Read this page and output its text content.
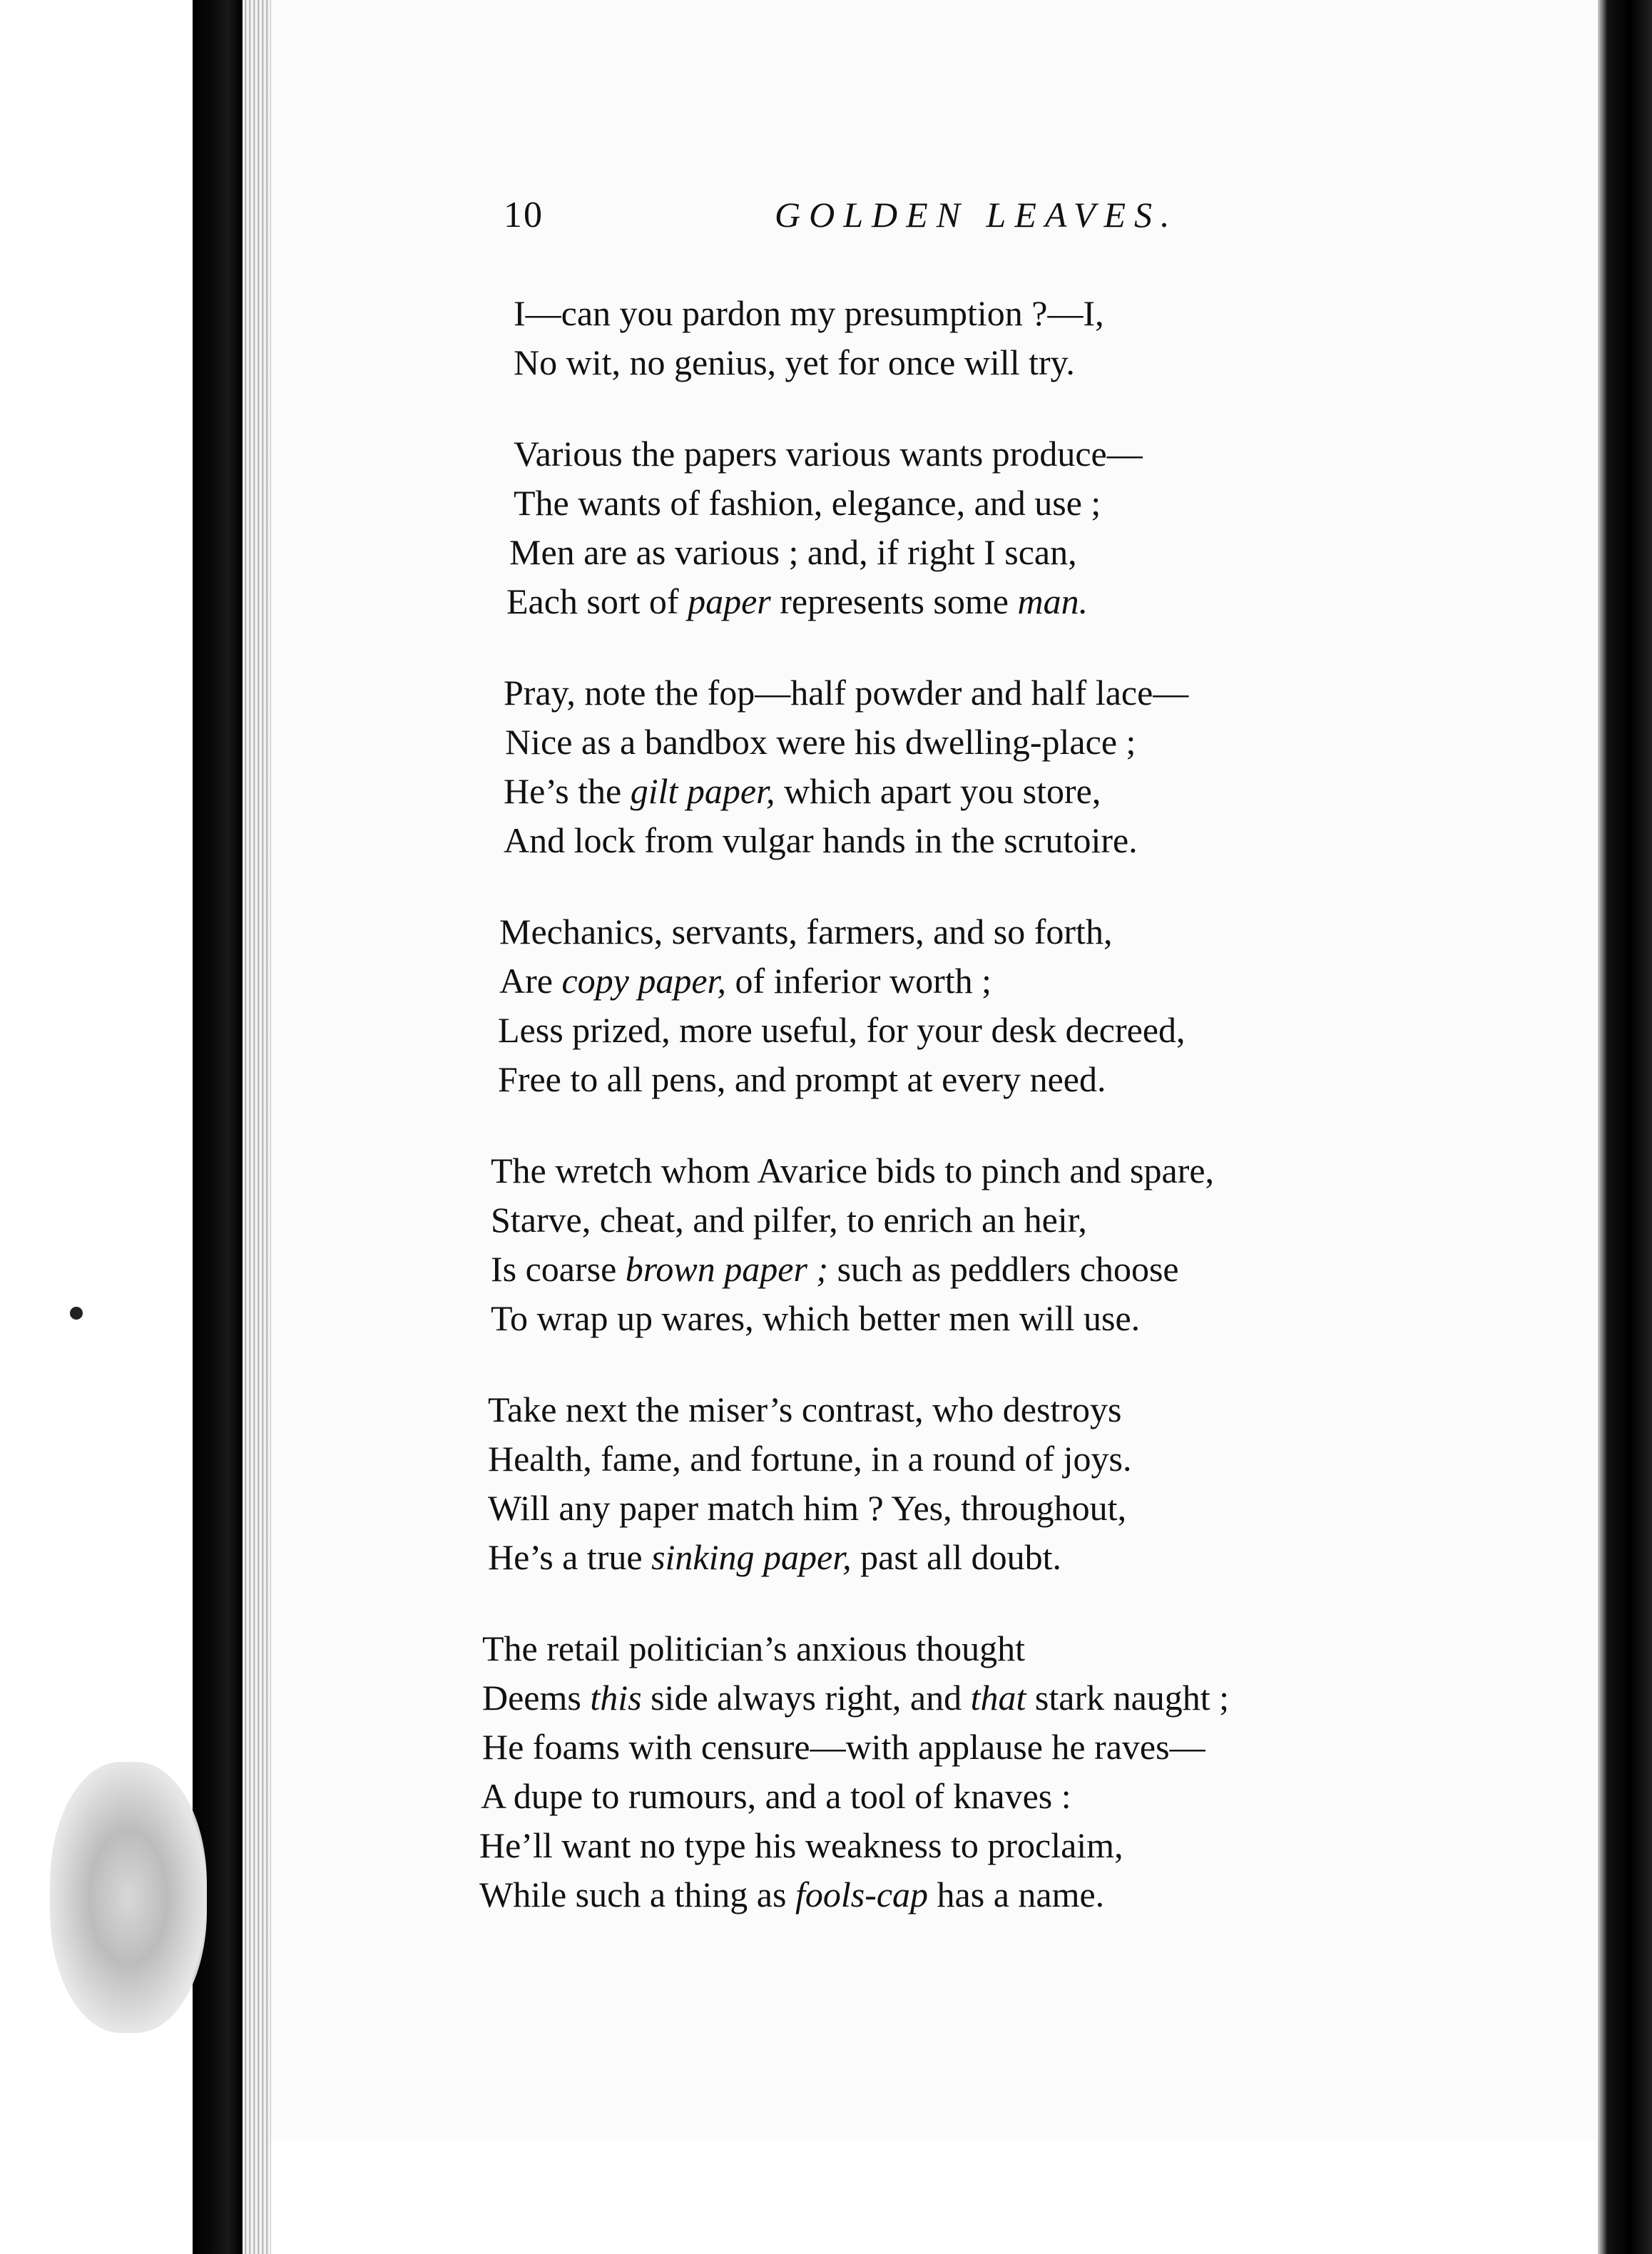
10	GOLDEN LEAVES.
I—can you pardon my presumption ?—I,
No wit, no genius, yet for once will try.
Various the papers various wants produce—
The wants of fashion, elegance, and use ;
Men are as various ; and, if right I scan,
Each sort of paper represents some man.
Pray, note the fop—half powder and half lace—
Nice as a bandbox were his dwelling-place ;
He’s the gilt paper, which apart you store,
And lock from vulgar hands in the scrutoire.
Mechanics, servants, farmers, and so forth,
Are copy paper, of inferior worth ;
Less prized, more useful, for your desk decreed,
Free to all pens, and prompt at every need.
The wretch whom Avarice bids to pinch and spare,
Starve, cheat, and pilfer, to enrich an heir,
Is coarse brown paper ; such as peddlers choose
To wrap up wares, which better men will use.
Take next the miser’s contrast, who destroys
Health, fame, and fortune, in a round of joys.
Will any paper match him ? Yes, throughout,
He’s a true sinking paper, past all doubt.
The retail politician’s anxious thought
Deems this side always right, and that stark naught ;
He foams with censure—with applause he raves—
A dupe to rumours, and a tool of knaves :
He’ll want no type his weakness to proclaim,
While such a thing as fools-cap has a name.
